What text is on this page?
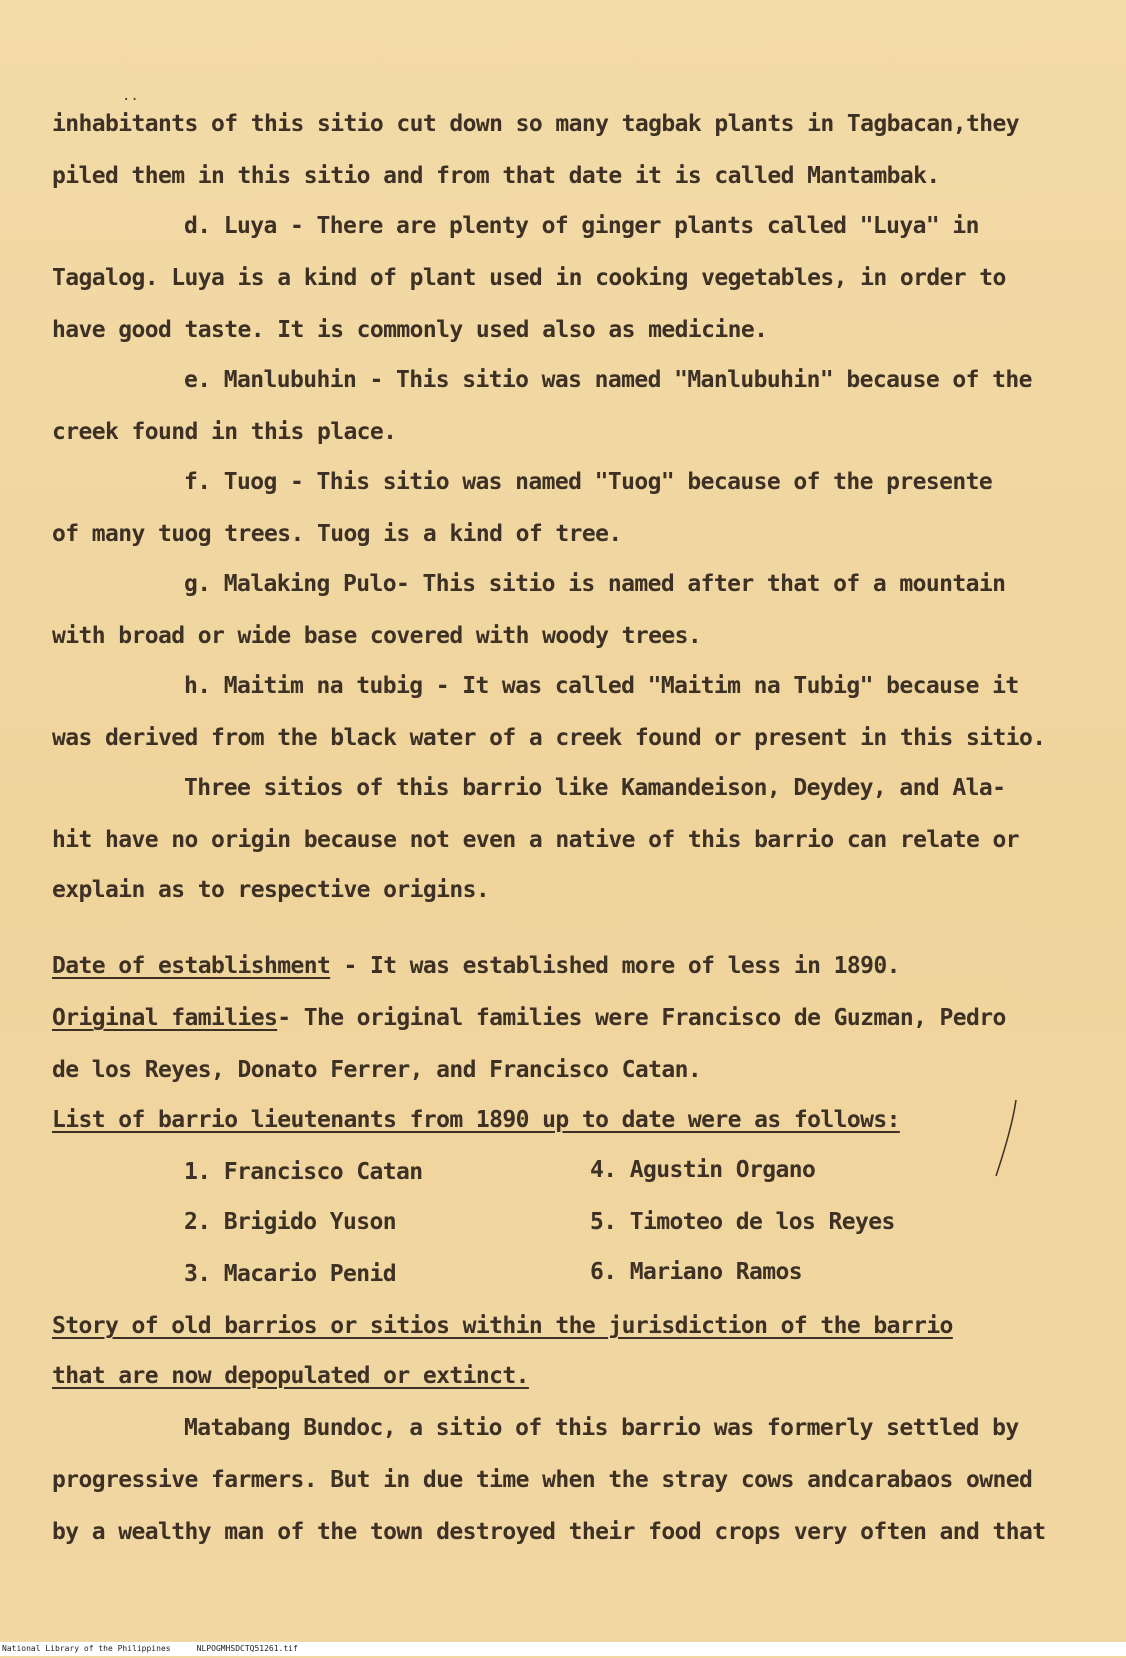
..
inhabitants of this sitio cut down so many tagbak plants in Tagbacan,they
piled them in this sitio and from that date it is called Mantambak.
d. Luya - There are plenty of ginger plants called "Luya" in
Tagalog. Luya is a kind of plant used in cooking vegetables, in order to
have good taste. It is commonly used also as medicine.
e. Manlubuhin - This sitio was named "Manlubuhin" because of the
creek found in this place.
f. Tuog - This sitio was named "Tuog" because of the presente
of many tuog trees. Tuog is a kind of tree.
g. Malaking Pulo- This sitio is named after that of a mountain
with broad or wide base covered with woody trees.
h. Maitim na tubig - It was called "Maitim na Tubig" because it
was derived from the black water of a creek found or present in this sitio.
Three sitios of this barrio like Kamandeison, Deydey, and Ala-
hit have no origin because not even a native of this barrio can relate or
explain as to respective origins.
Date of establishment - It was established more of less in 1890.
Original families- The original families were Francisco de Guzman, Pedro
de los Reyes, Donato Ferrer, and Francisco Catan.
List of barrio lieutenants from 1890 up to date were as follows:
1. Francisco Catan
2. Brigido Yuson
3. Macario Penid
4. Agustin Organo
5. Timoteo de los Reyes
6. Mariano Ramos
Story of old barrios or sitios within the jurisdiction of the barrio
that are now depopulated or extinct.
Matabang Bundoc, a sitio of this barrio was formerly settled by
progressive farmers. But in due time when the stray cows andcarabaos owned
by a wealthy man of the town destroyed their food crops very often and that
National Library of the Philippines	NLPOGMHSDCTQ51261.tif
